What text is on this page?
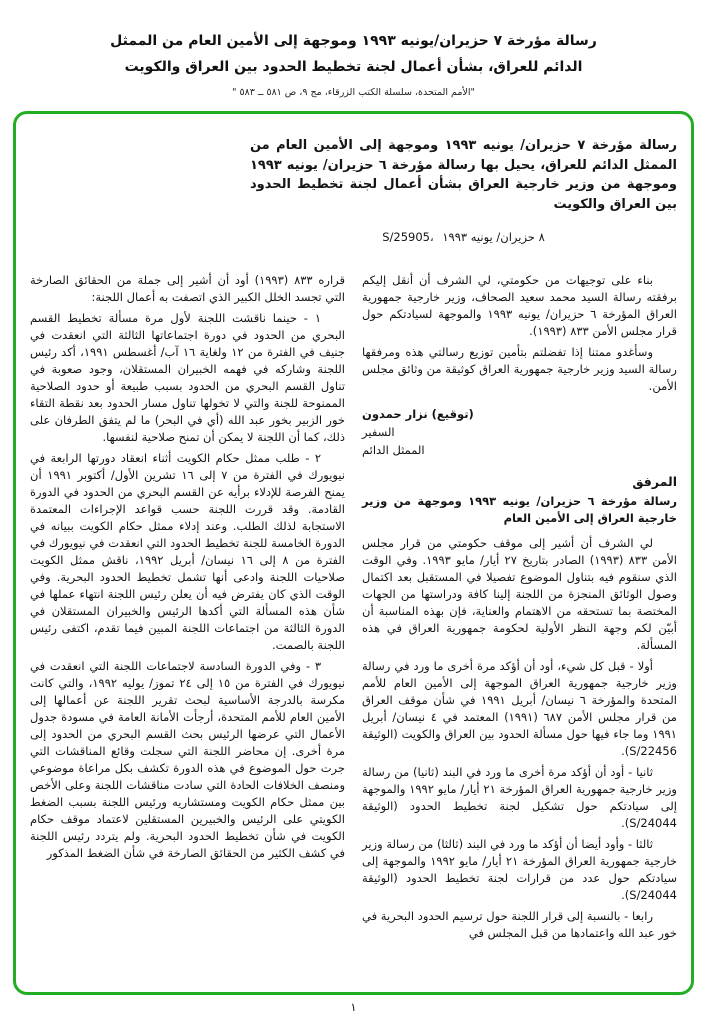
رسالة مؤرخة ٧ حزيران/يونيه ١٩٩٣ وموجهة إلى الأمين العام من الممثل
الدائم للعراق، بشأن أعمال لجنة تخطيط الحدود بين العراق والكويت
"الأمم المتحدة، سلسلة الكتب الزرقاء، مج ٩، ص ٥٨١ ــ ٥٨٣ "
رسالة مؤرخة ٧ حزيران/ يونيه ١٩٩٣ وموجهة إلى الأمين العام من الممثل الدائم للعراق، يحيل بها رسالة مؤرخة ٦ حزيران/ يونيه ١٩٩٣ وموجهة من وزير خارجية العراق بشأن أعمال لجنة تخطيط الحدود بين العراق والكويت
S/25905، ٨ حزيران/ يونيه ١٩٩٣

بناء على توجيهات من حكومتي، لي الشرف أن أنقل إليكم برفقته رسالة السيد محمد سعيد الصحاف، وزير خارجية جمهورية العراق المؤرخة ٦ حزيران/ يونيه ١٩٩٣ والموجهة لسيادتكم حول قرار مجلس الأمن ٨٣٣ (١٩٩٣).

وسأغدو ممتنا إذا تفضلتم بتأمين توزيع رسالتي هذه ومرفقها رسالة السيد وزير خارجية جمهورية العراق كوثيقة من وثائق مجلس الأمن.

(توقيع) نزار حمدون
السفير
الممثل الدائم
المرفق
رسالة مؤرخة ٦ حزيران/ يونيه ١٩٩٣ وموجهة من وزير خارجية العراق إلى الأمين العام

لي الشرف أن أشير إلى موقف حكومتي من قرار مجلس الأمن ٨٣٣ (١٩٩٣) الصادر بتاريخ ٢٧ أيار/ مايو ١٩٩٣. وفي الوقت الذي سنقوم فيه بتناول الموضوع تفصيلا في المستقبل بعد اكتمال وصول الوثائق المنجزة من اللجنة إلينا كافة ودراستها من الجهات المختصة بما تستحقه من الاهتمام والعناية، فإن بهذه المناسبة أن أبيّن لكم وجهة النظر الأولية لحكومة جمهورية العراق في هذه المسألة.

أولا - قبل كل شيء، أود أن أؤكد مرة أخرى ما ورد في رسالة وزير خارجية جمهورية العراق الموجهة إلى الأمين العام للأمم المتحدة والمؤرخة ٦ نيسان/ أبريل ١٩٩١ في شأن موقف العراق من قرار مجلس الأمن ٦٨٧ (١٩٩١) المعتمد في ٤ نيسان/ أبريل ١٩٩١ وما جاء فيها حول مسألة الحدود بين العراق والكويت (الوثيقة S/22456).

ثانيا - أود أن أؤكد مرة أخرى ما ورد في البند (ثانيا) من رسالة وزير خارجية جمهورية العراق المؤرخة ٢١ أيار/ مايو ١٩٩٢ والموجهة إلى سيادتكم حول تشكيل لجنة تخطيط الحدود (الوثيقة S/24044).

ثالثا - وأود أيضا أن أؤكد ما ورد في البند (ثالثا) من رسالة وزير خارجية جمهورية العراق المؤرخة ٢١ أيار/ مايو ١٩٩٢ والموجهة إلى سيادتكم حول عدد من قرارات لجنة تخطيط الحدود (الوثيقة S/24044).

رابعا - بالنسبة إلى قرار اللجنة حول ترسيم الحدود البحرية في خور عبد الله واعتمادها من قبل المجلس في

قراره ٨٣٣ (١٩٩٣) أود أن أشير إلى جملة من الحقائق الصارخة التي تجسد الخلل الكبير الذي اتصفت به أعمال اللجنة:

١ - حينما ناقشت اللجنة لأول مرة مسألة تخطيط القسم البحري من الحدود في دورة اجتماعاتها الثالثة التي انعقدت في جنيف في الفترة من ١٢ ولغاية ١٦ آب/ أغسطس ١٩٩١، أكد رئيس اللجنة وشاركه في فهمه الخبيران المستقلان، وجود صعوبة في تناول القسم البحري من الحدود بسبب طبيعة أو حدود الصلاحية الممنوحة للجنة والتي لا تخولها تناول مسار الحدود بعد نقطة التقاء خور الزبير بخور عبد الله (أي في البحر) ما لم يتفق الطرفان على ذلك، كما أن اللجنة لا يمكن أن تمنح صلاحية لنفسها.

٢ - طلب ممثل حكام الكويت أثناء انعقاد دورتها الرابعة في نيويورك في الفترة من ٧ إلى ١٦ تشرين الأول/ أكتوبر ١٩٩١ أن يمنح الفرصة للإدلاء برأيه عن القسم البحري من الحدود في الدورة القادمة. وقد قررت اللجنة حسب قواعد الإجراءات المعتمدة الاستجابة لذلك الطلب. وعند إدلاء ممثل حكام الكويت ببيانه في الدورة الخامسة للجنة تخطيط الحدود التي انعقدت في نيويورك في الفترة من ٨ إلى ١٦ نيسان/ أبريل ١٩٩٢، ناقش ممثل الكويت صلاحيات اللجنة وادعى أنها تشمل تخطيط الحدود البحرية. وفي الوقت الذي كان يفترض فيه أن يعلن رئيس اللجنة انتهاء عملها في شأن هذه المسألة التي أكدها الرئيس والخبيران المستقلان في الدورة الثالثة من اجتماعات اللجنة المبين فيما تقدم، اكتفى رئيس اللجنة بالصمت.

٣ - وفي الدورة السادسة لاجتماعات اللجنة التي انعقدت في نيويورك في الفترة من ١٥ إلى ٢٤ تموز/ يوليه ١٩٩٢، والتي كانت مكرسة بالدرجة الأساسية لبحث تقرير اللجنة عن أعمالها إلى الأمين العام للأمم المتحدة، أرجأت الأمانة العامة في مسودة جدول الأعمال التي عرضها الرئيس بحث القسم البحري من الحدود إلى مرة أخرى. إن محاضر اللجنة التي سجلت وقائع المناقشات التي جرت حول الموضوع في هذه الدورة تكشف بكل مراعاة موضوعي ومنصف الخلافات الحادة التي سادت مناقشات اللجنة وعلى الأخص بين ممثل حكام الكويت ومستشاريه ورئيس اللجنة بسبب الضغط الكويتي على الرئيس والخبيرين المستقلين لاعتماد موقف حكام الكويت في شأن تخطيط الحدود البحرية. ولم يتردد رئيس اللجنة في كشف الكثير من الحقائق الصارخة في شأن الضغط المذكور

١
